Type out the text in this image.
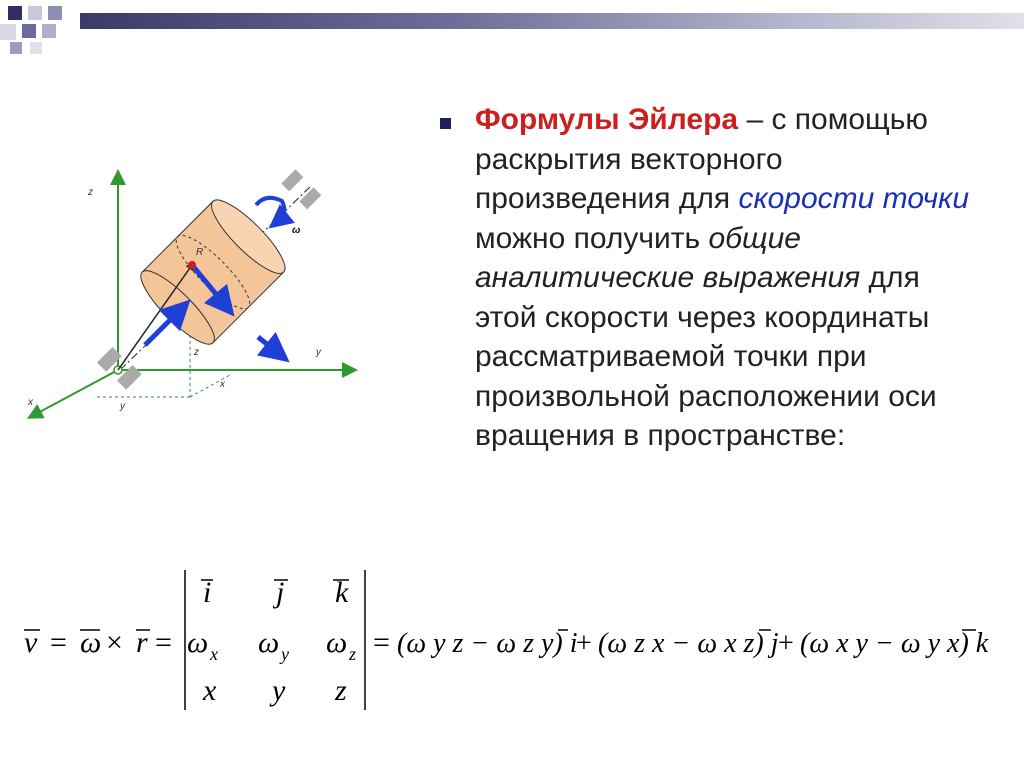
Формулы Эйлера – с помощью раскрытия векторного произведения для скорости точки можно получить общие аналитические выражения для этой скорости через координаты рассматриваемой точки при произвольной расположении оси вращения в пространстве:
z
y
x
R
ω
z
x
y
v = ω × r =
i j k
ω x ω y ω z
x y z
= (ω y z − ω z y) i
+ (ω z x − ω x z) j + (ω x y − ω y x) k
